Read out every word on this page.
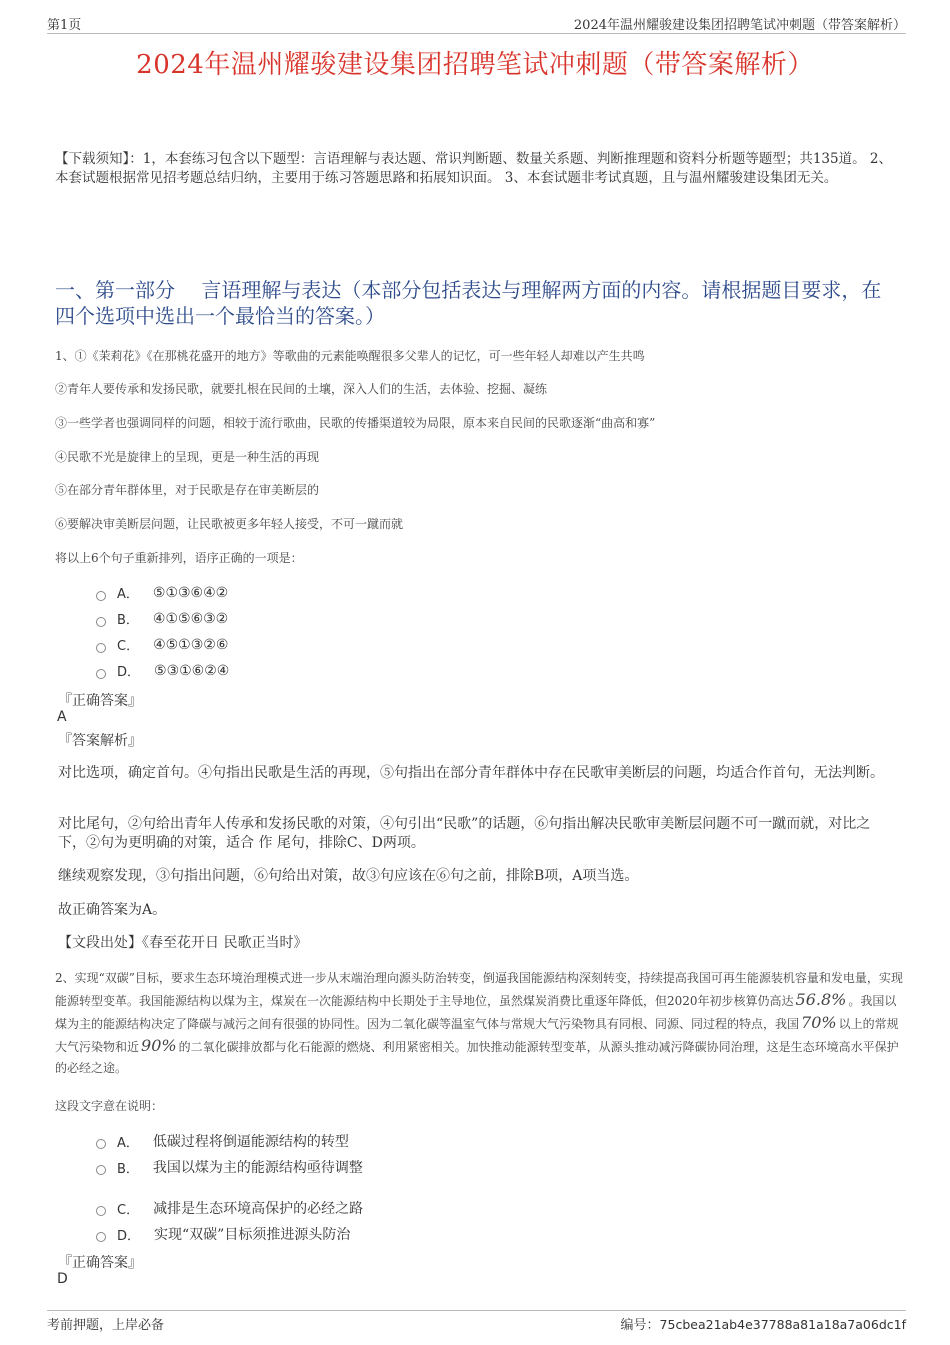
第1页	2024年温州耀骏建设集团招聘笔试冲刺题（带答案解析）
2024年温州耀骏建设集团招聘笔试冲刺题（带答案解析）
【下载须知】：1，本套练习包含以下题型：言语理解与表达题、常识判断题、数量关系题、判断推理题和资料分析题等题型；共135道。 2、本套试题根据常见招考题总结归纳，主要用于练习答题思路和拓展知识面。 3、本套试题非考试真题，且与温州耀骏建设集团无关。
一、第一部分　 言语理解与表达（本部分包括表达与理解两方面的内容。请根据题目要求，在四个选项中选出一个最恰当的答案。）
1、①《茉莉花》《在那桃花盛开的地方》等歌曲的元素能唤醒很多父辈人的记忆，可一些年轻人却难以产生共鸣
②青年人要传承和发扬民歌，就要扎根在民间的土壤，深入人们的生活，去体验、挖掘、凝练
③一些学者也强调同样的问题，相较于流行歌曲，民歌的传播渠道较为局限，原本来自民间的民歌逐渐“曲高和寡”
④民歌不光是旋律上的呈现，更是一种生活的再现
⑤在部分青年群体里，对于民歌是存在审美断层的
⑥要解决审美断层问题，让民歌被更多年轻人接受，不可一蹴而就
将以上6个句子重新排列，语序正确的一项是：
A． ⑤①③⑥④②
B． ④①⑤⑥③②
C． ④⑤①③②⑥
D． ⑤③①⑥②④
『正确答案』
A
『答案解析』
对比选项，确定首句。④句指出民歌是生活的再现，⑤句指出在部分青年群体中存在民歌审美断层的问题，均适合作首句，无法判断。
对比尾句，②句给出青年人传承和发扬民歌的对策，④句引出“民歌”的话题，⑥句指出解决民歌审美断层问题不可一蹴而就，对比之下，②句为更明确的对策，适合 作 尾句，排除C、D两项。
继续观察发现，③句指出问题，⑥句给出对策，故③句应该在⑥句之前，排除B项，A项当选。
故正确答案为A。
【文段出处】《春至花开日 民歌正当时》
2、实现“双碳”目标，要求生态环境治理模式进一步从末端治理向源头防治转变，倒逼我国能源结构深刻转变，持续提高我国可再生能源装机容量和发电量，实现能源转型变革。我国能源结构以煤为主，煤炭在一次能源结构中长期处于主导地位，虽然煤炭消费比重逐年降低，但2020年初步核算仍高达 56.8% 。我国以煤为主的能源结构决定了降碳与减污之间有很强的协同性。因为二氧化碳等温室气体与常规大气污染物具有同根、同源、同过程的特点，我国 70% 以上的常规大气污染物和近 90% 的二氧化碳排放都与化石能源的燃烧、利用紧密相关。加快推动能源转型变革，从源头推动减污降碳协同治理，这是生态环境高水平保护的必经之途。
这段文字意在说明：
A． 低碳过程将倒逼能源结构的转型
B． 我国以煤为主的能源结构亟待调整
C． 减排是生态环境高保护的必经之路
D． 实现“双碳”目标须推进源头防治
『正确答案』
D
考前押题，上岸必备	编号：75cbea21ab4e37788a81a18a7a06dc1f
